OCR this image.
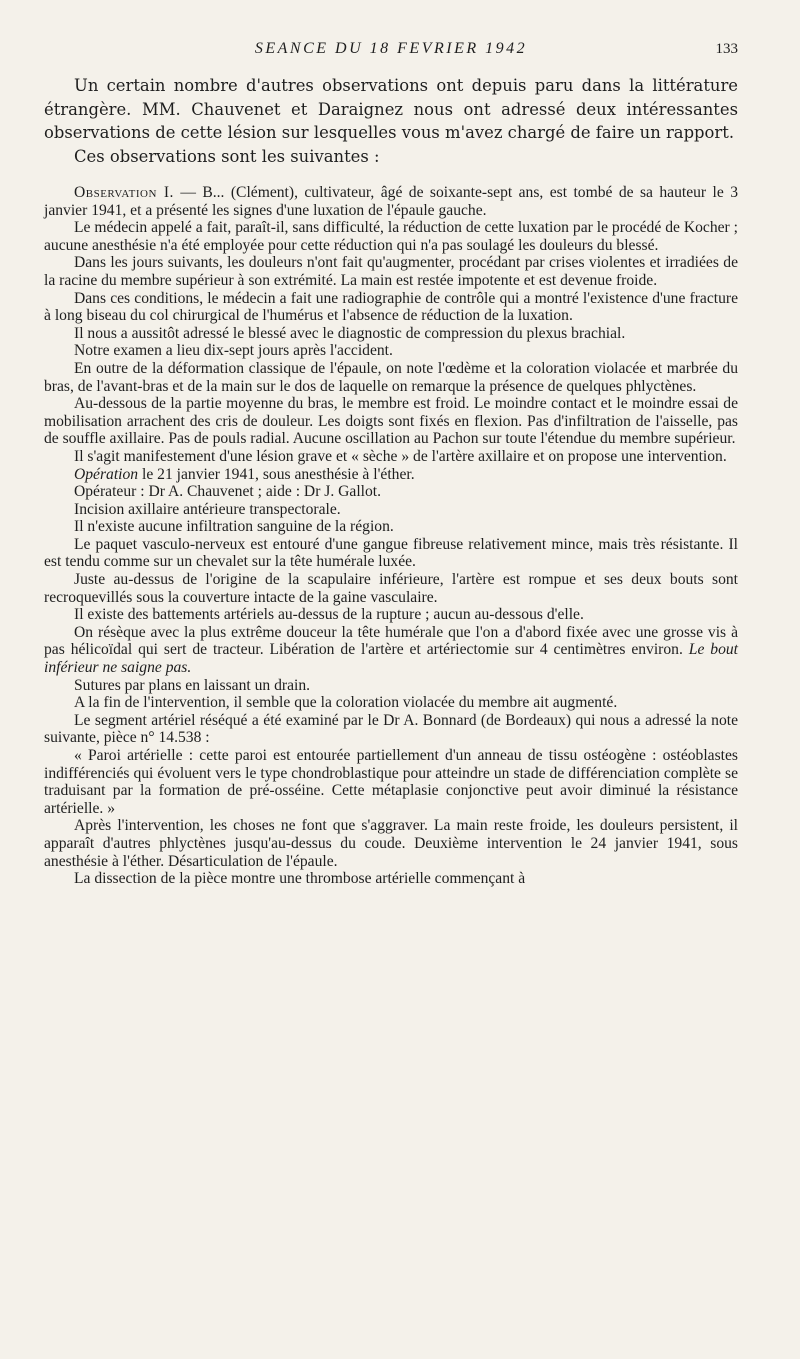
SEANCE DU 18 FEVRIER 1942	133

Un certain nombre d'autres observations ont depuis paru dans la littérature étrangère. MM. Chauvenet et Daraignez nous ont adressé deux intéressantes observations de cette lésion sur lesquelles vous m'avez chargé de faire un rapport.

Ces observations sont les suivantes :

Observation I. — B... (Clément), cultivateur, âgé de soixante-sept ans, est tombé de sa hauteur le 3 janvier 1941, et a présenté les signes d'une luxation de l'épaule gauche.

Le médecin appelé a fait, paraît-il, sans difficulté, la réduction de cette luxation par le procédé de Kocher ; aucune anesthésie n'a été employée pour cette réduction qui n'a pas soulagé les douleurs du blessé.

Dans les jours suivants, les douleurs n'ont fait qu'augmenter, procédant par crises violentes et irradiées de la racine du membre supérieur à son extrémité. La main est restée impotente et est devenue froide.

Dans ces conditions, le médecin a fait une radiographie de contrôle qui a montré l'existence d'une fracture à long biseau du col chirurgical de l'humérus et l'absence de réduction de la luxation.

Il nous a aussitôt adressé le blessé avec le diagnostic de compression du plexus brachial.

Notre examen a lieu dix-sept jours après l'accident.

En outre de la déformation classique de l'épaule, on note l'œdème et la coloration violacée et marbrée du bras, de l'avant-bras et de la main sur le dos de laquelle on remarque la présence de quelques phlyctènes.

Au-dessous de la partie moyenne du bras, le membre est froid. Le moindre contact et le moindre essai de mobilisation arrachent des cris de douleur. Les doigts sont fixés en flexion. Pas d'infiltration de l'aisselle, pas de souffle axillaire. Pas de pouls radial. Aucune oscillation au Pachon sur toute l'étendue du membre supérieur.

Il s'agit manifestement d'une lésion grave et « sèche » de l'artère axillaire et on propose une intervention.

Opération le 21 janvier 1941, sous anesthésie à l'éther.

Opérateur : Dr A. Chauvenet ; aide : Dr J. Gallot.

Incision axillaire antérieure transpectorale.

Il n'existe aucune infiltration sanguine de la région.

Le paquet vasculo-nerveux est entouré d'une gangue fibreuse relativement mince, mais très résistante. Il est tendu comme sur un chevalet sur la tête humérale luxée.

Juste au-dessus de l'origine de la scapulaire inférieure, l'artère est rompue et ses deux bouts sont recroquevillés sous la couverture intacte de la gaine vasculaire.

Il existe des battements artériels au-dessus de la rupture ; aucun au-dessous d'elle.

On résèque avec la plus extrême douceur la tête humérale que l'on a d'abord fixée avec une grosse vis à pas hélicoïdal qui sert de tracteur. Libération de l'artère et artériectomie sur 4 centimètres environ. Le bout inférieur ne saigne pas.

Sutures par plans en laissant un drain.

A la fin de l'intervention, il semble que la coloration violacée du membre ait augmenté.

Le segment artériel réséqué a été examiné par le Dr A. Bonnard (de Bordeaux) qui nous a adressé la note suivante, pièce n° 14.538 :

« Paroi artérielle : cette paroi est entourée partiellement d'un anneau de tissu ostéogène : ostéoblastes indifférenciés qui évoluent vers le type chondroblastique pour atteindre un stade de différenciation complète se traduisant par la formation de pré-osséine. Cette métaplasie conjonctive peut avoir diminué la résistance artérielle. »

Après l'intervention, les choses ne font que s'aggraver. La main reste froide, les douleurs persistent, il apparaît d'autres phlyctènes jusqu'au-dessus du coude. Deuxième intervention le 24 janvier 1941, sous anesthésie à l'éther. Désarticulation de l'épaule.

La dissection de la pièce montre une thrombose artérielle commençant à
